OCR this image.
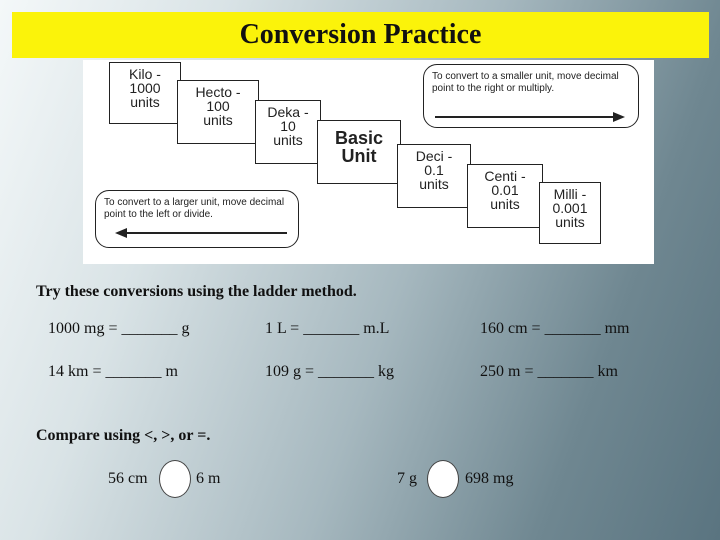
Conversion Practice
Kilo -
1000
units
Hecto -
100
units	Deka -
10
units	Basic
Unit	Deci -
0.1
units	Centi -
0.01
units
Milli -
0.001
units
To convert to a smaller unit, move decimal point to the right or multiply.
To convert to a larger unit, move decimal point to the left or divide.
Try these conversions using the ladder method.
1000 mg = _______ g	1 L = _______ m.L	160 cm = _______ mm
14 km = _______ m	109 g = _______ kg	250 m = _______ km
Compare using <, >, or =.
56 cm	6 m	7 g	698 mg
